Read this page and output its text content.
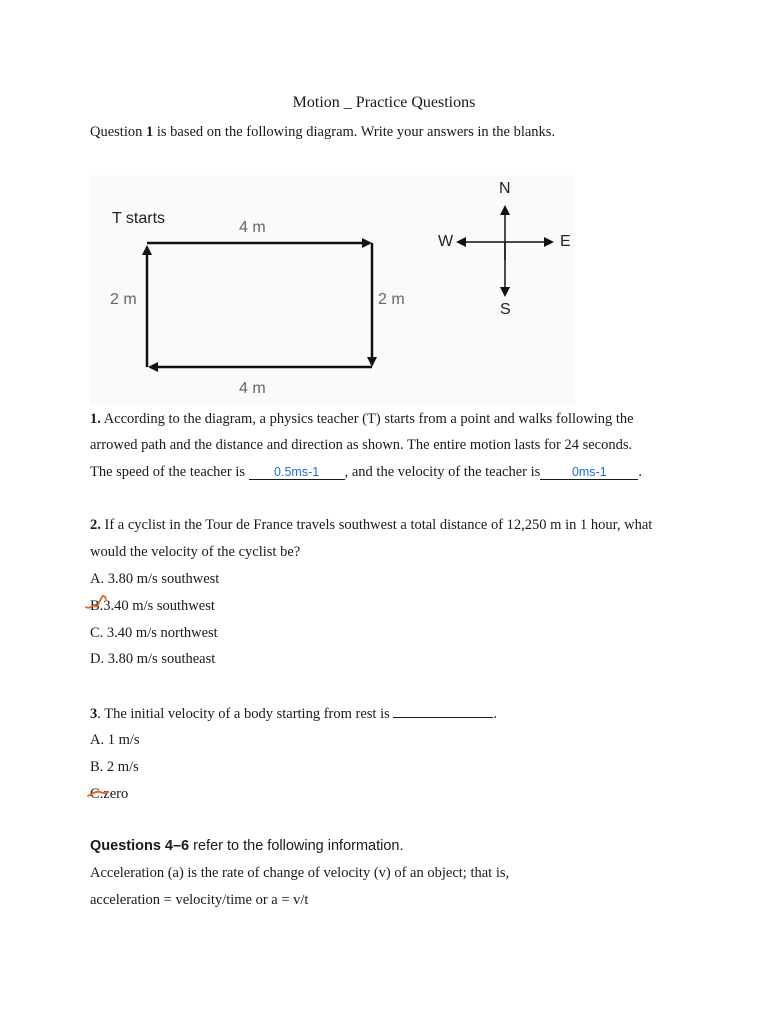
Motion _ Practice Questions
Question 1 is based on the following diagram. Write your answers in the blanks.
T starts
4 m
4 m
2 m	2 m
N
S
E
W
1. According to the diagram, a physics teacher (T) starts from a point and walks following the
arrowed path and the distance and direction as shown. The entire motion lasts for 24 seconds.
The speed of the teacher is 0.5ms-1 , and the velocity of the teacher is	0ms-1 .
2. If a cyclist in the Tour de France travels southwest a total distance of 12,250 m in 1 hour, what
would the velocity of the cyclist be?
A. 3.80 m/s southwest
B.3.40 m/s southwest
C. 3.40 m/s northwest
D. 3.80 m/s southeast
3. The initial velocity of a body starting from rest is	.
A. 1 m/s
B. 2 m/s
C.zero
Questions 4–6 refer to the following information.
Acceleration (a) is the rate of change of velocity (v) of an object; that is,
acceleration = velocity/time or a = v/t
